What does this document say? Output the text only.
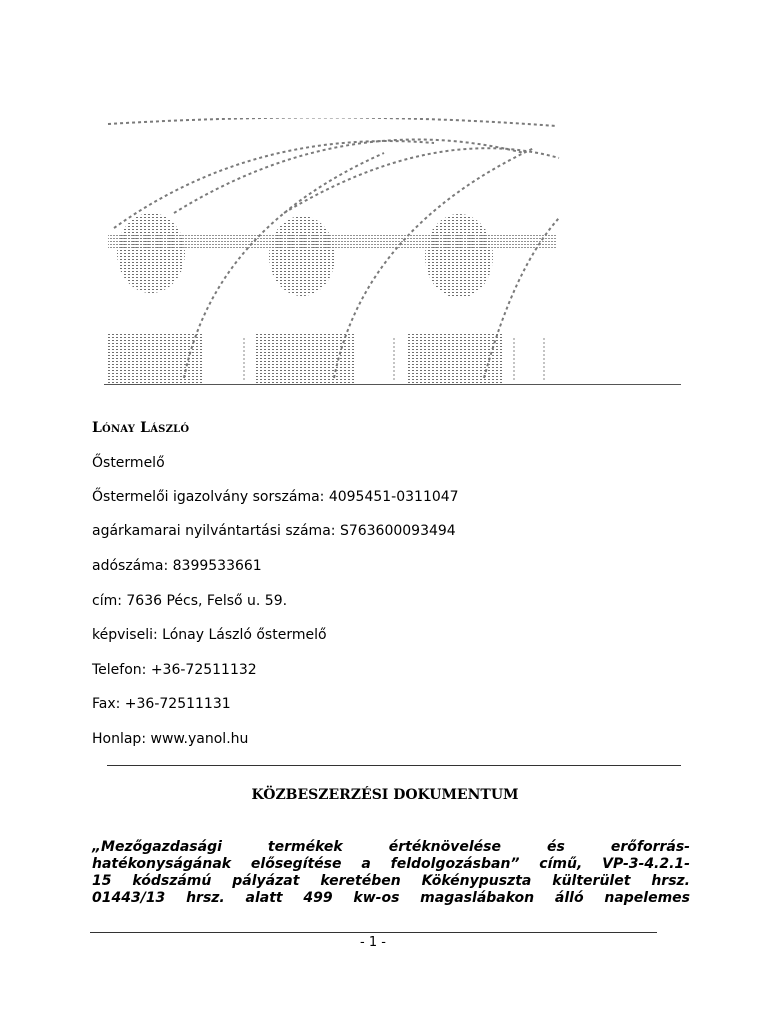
Lónay László
Őstermelő
Őstermelői igazolvány sorszáma: 4095451-0311047
agárkamarai nyilvántartási száma: S763600093494
adószáma: 8399533661
cím: 7636 Pécs, Felső u. 59.
képviseli: Lónay László őstermelő
Telefon: +36-72511132
Fax: +36-72511131
Honlap: www.yanol.hu
KÖZBESZERZÉSI DOKUMENTUM
„Mezőgazdasági termékek értéknövelése és erőforrás-
hatékonyságának elősegítése a feldolgozásban” című, VP-3-4.2.1-
15 kódszámú pályázat keretében Kökénypuszta külterület hrsz.
01443/13 hrsz. alatt 499 kw-os magaslábakon álló napelemes
- 1 -
